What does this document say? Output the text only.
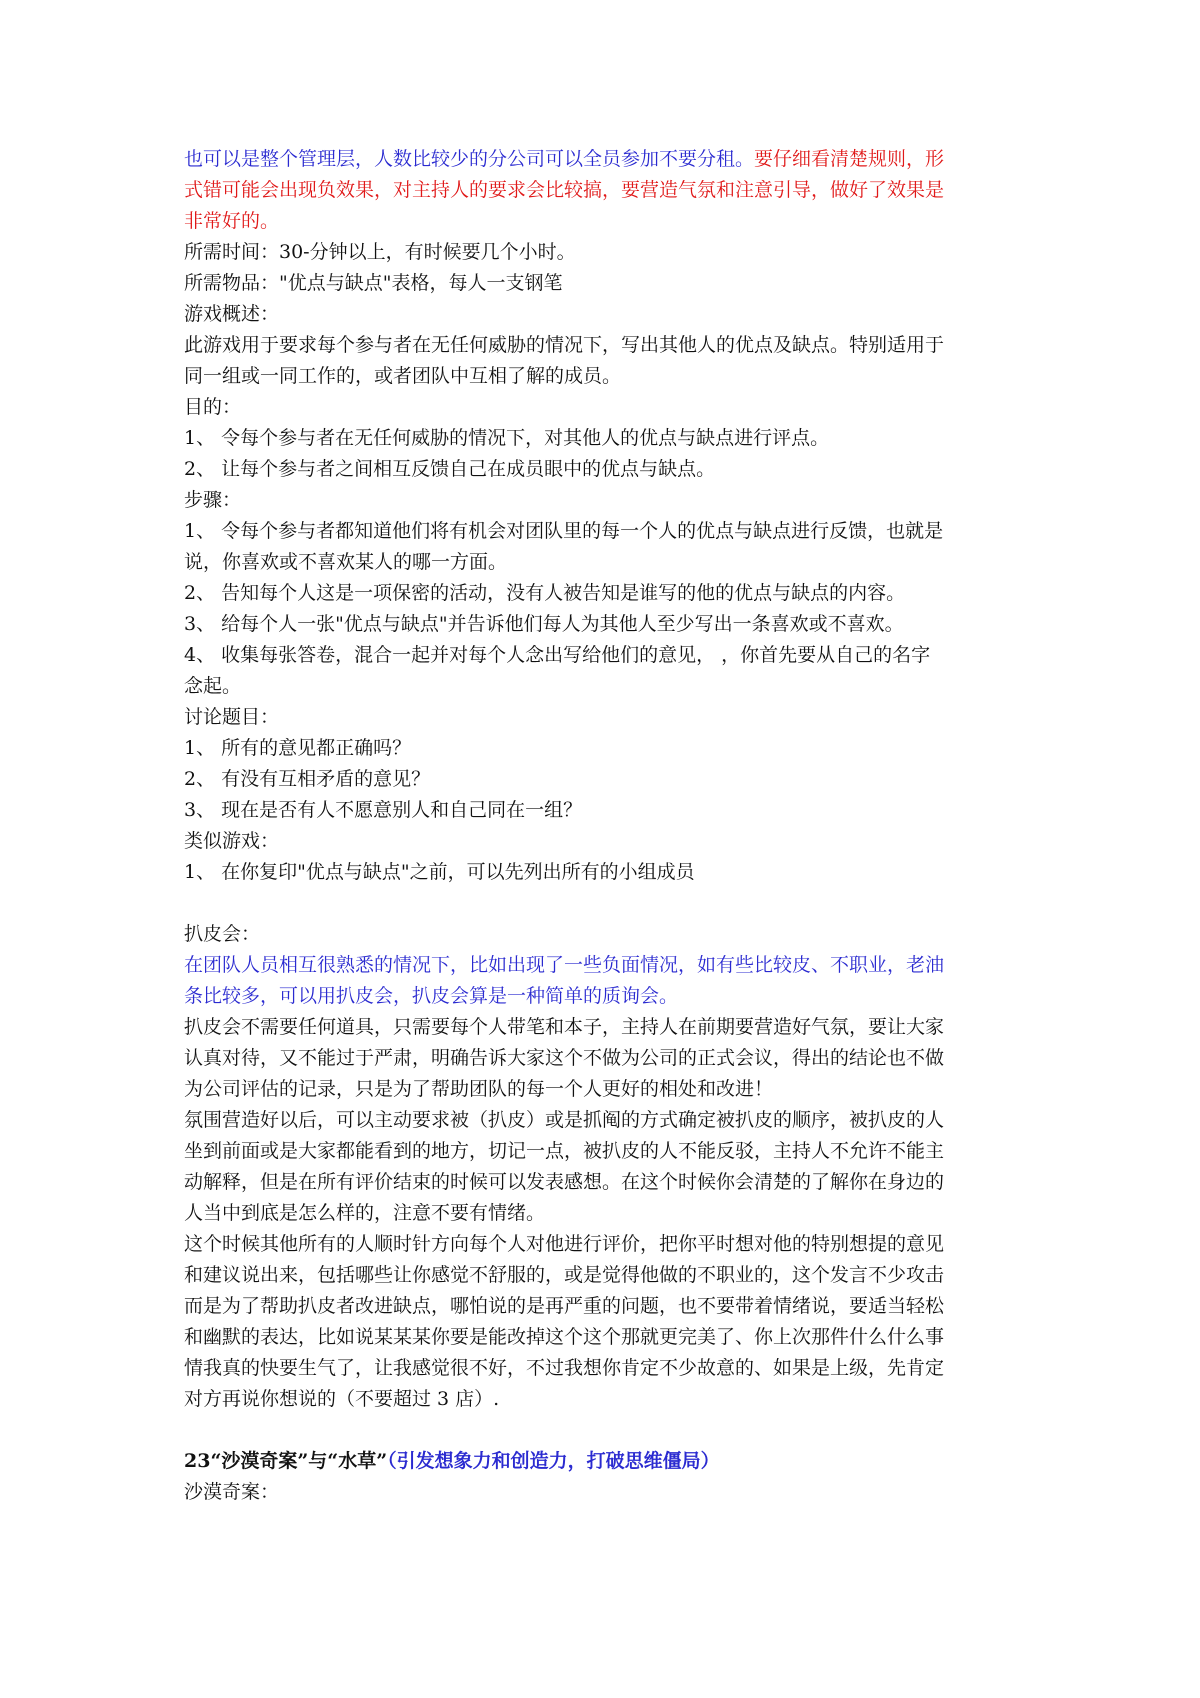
也可以是整个管理层，人数比较少的分公司可以全员参加不要分租。要仔细看清楚规则，形
式错可能会出现负效果，对主持人的要求会比较搞，要营造气氛和注意引导，做好了效果是
非常好的。
所需时间：30-分钟以上，有时候要几个小时。
所需物品："优点与缺点"表格，每人一支钢笔
游戏概述：
此游戏用于要求每个参与者在无任何威胁的情况下，写出其他人的优点及缺点。特别适用于
同一组或一同工作的，或者团队中互相了解的成员。
目的：
1、 令每个参与者在无任何威胁的情况下，对其他人的优点与缺点进行评点。
2、 让每个参与者之间相互反馈自己在成员眼中的优点与缺点。
步骤：
1、 令每个参与者都知道他们将有机会对团队里的每一个人的优点与缺点进行反馈，也就是
说，你喜欢或不喜欢某人的哪一方面。
2、 告知每个人这是一项保密的活动，没有人被告知是谁写的他的优点与缺点的内容。
3、 给每个人一张"优点与缺点"并告诉他们每人为其他人至少写出一条喜欢或不喜欢。
4、 收集每张答卷，混合一起并对每个人念出写给他们的意见， ，你首先要从自己的名字
念起。
讨论题目：
1、 所有的意见都正确吗？
2、 有没有互相矛盾的意见？
3、 现在是否有人不愿意别人和自己同在一组？
类似游戏：
1、 在你复印"优点与缺点"之前，可以先列出所有的小组成员
扒皮会：
在团队人员相互很熟悉的情况下，比如出现了一些负面情况，如有些比较皮、不职业，老油
条比较多，可以用扒皮会，扒皮会算是一种简单的质询会。
扒皮会不需要任何道具，只需要每个人带笔和本子，主持人在前期要营造好气氛，要让大家
认真对待，又不能过于严肃，明确告诉大家这个不做为公司的正式会议，得出的结论也不做
为公司评估的记录，只是为了帮助团队的每一个人更好的相处和改进！
氛围营造好以后，可以主动要求被（扒皮）或是抓阄的方式确定被扒皮的顺序，被扒皮的人
坐到前面或是大家都能看到的地方，切记一点，被扒皮的人不能反驳，主持人不允许不能主
动解释，但是在所有评价结束的时候可以发表感想。在这个时候你会清楚的了解你在身边的
人当中到底是怎么样的，注意不要有情绪。
这个时候其他所有的人顺时针方向每个人对他进行评价，把你平时想对他的特别想提的意见
和建议说出来，包括哪些让你感觉不舒服的，或是觉得他做的不职业的，这个发言不少攻击
而是为了帮助扒皮者改进缺点，哪怕说的是再严重的问题，也不要带着情绪说，要适当轻松
和幽默的表达，比如说某某某你要是能改掉这个这个那就更完美了、你上次那件什么什么事
情我真的快要生气了，让我感觉很不好，不过我想你肯定不少故意的、如果是上级，先肯定
对方再说你想说的（不要超过 3 店）.
23“沙漠奇案”与“水草”（引发想象力和创造力，打破思维僵局）
沙漠奇案：
